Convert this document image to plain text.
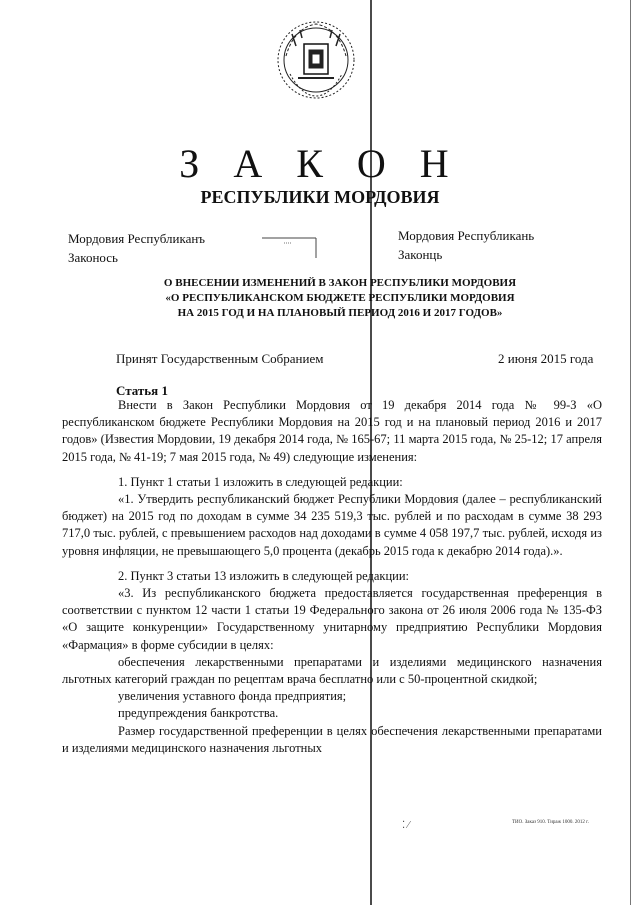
З А К О Н
РЕСПУБЛИКИ МОРДОВИЯ
Мордовия Республиканъ
Законось
Мордовия Республикань
Законць
О ВНЕСЕНИИ ИЗМЕНЕНИЙ В ЗАКОН РЕСПУБЛИКИ МОРДОВИЯ
«О РЕСПУБЛИКАНСКОМ БЮДЖЕТЕ РЕСПУБЛИКИ МОРДОВИЯ
НА 2015 ГОД И НА ПЛАНОВЫЙ ПЕРИОД 2016 И 2017 ГОДОВ»
Принят Государственным Собранием	2 июня 2015 года
Статья 1

Внести в Закон Республики Мордовия от 19 декабря 2014 года № 99-З «О республиканском бюджете Республики Мордовия на 2015 год и на плановый период 2016 и 2017 годов» (Известия Мордовии, 19 декабря 2014 года, № 165-67; 11 марта 2015 года, № 25-12; 17 апреля 2015 года, № 41-19; 7 мая 2015 года, № 49) следующие изменения:

1. Пункт 1 статьи 1 изложить в следующей редакции:

«1. Утвердить республиканский бюджет Республики Мордовия (далее – республиканский бюджет) на 2015 год по доходам в сумме 34 235 519,3 тыс. рублей и по расходам в сумме 38 293 717,0 тыс. рублей, с превышением расходов над доходами в сумме 4 058 197,7 тыс. рублей, исходя из уровня инфляции, не превышающего 5,0 процента (декабрь 2015 года к декабрю 2014 года).».

2. Пункт 3 статьи 13 изложить в следующей редакции:

«3. Из республиканского бюджета предоставляется государственная преференция в соответствии с пунктом 12 части 1 статьи 19 Федерального закона от 26 июля 2006 года № 135-ФЗ «О защите конкуренции» Государственному унитарному предприятию Республики Мордовия «Фармация» в форме субсидии в целях:

обеспечения лекарственными препаратами и изделиями медицинского назначения льготных категорий граждан по рецептам врача бесплатно или с 50-процентной скидкой;

увеличения уставного фонда предприятия;

предупреждения банкротства.

Размер государственной преференции в целях обеспечения лекарственными препаратами и изделиями медицинского назначения льготных

⁚ ⁄	ТИО. Заказ 910. Тираж 1000. 2012 г.
